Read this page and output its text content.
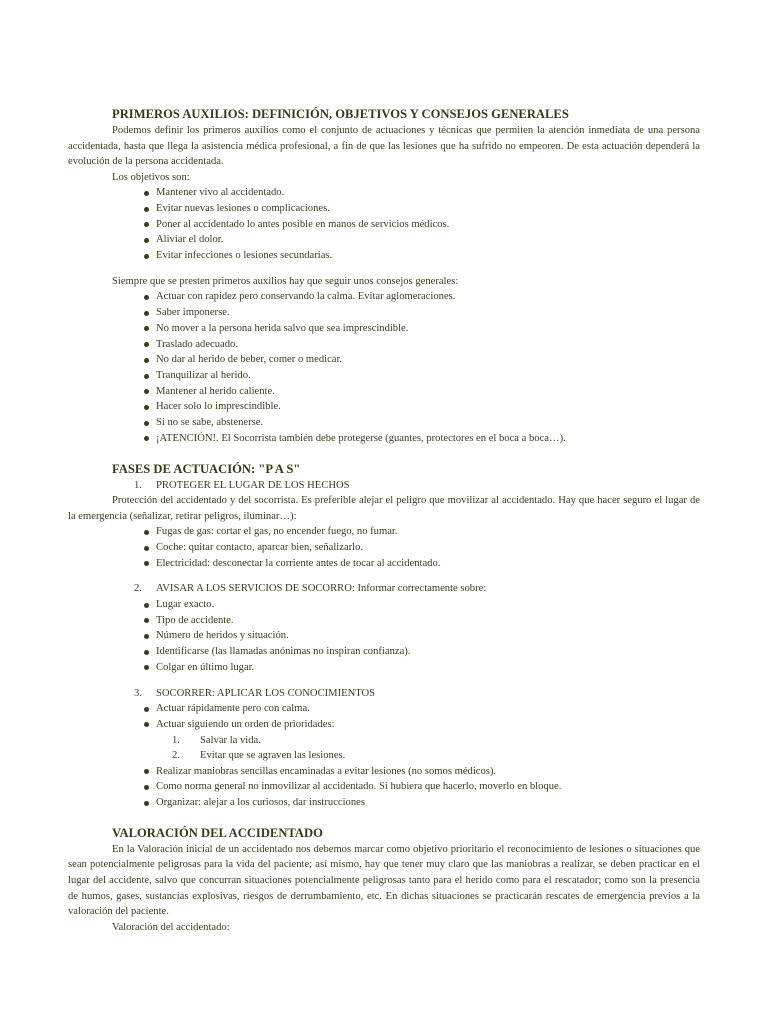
PRIMEROS AUXILIOS: DEFINICIÓN, OBJETIVOS Y CONSEJOS GENERALES

Podemos definir los primeros auxilios como el conjunto de actuaciones y técnicas que permiten la atención inmediata de una persona accidentada, hasta que llega la asistencia médica profesional, a fin de que las lesiones que ha sufrido no empeoren. De esta actuación dependerá la evolución de la persona accidentada.

Los objetivos son:

Mantener vivo al accidentado.
Evitar nuevas lesiones o complicaciones.
Poner al accidentado lo antes posible en manos de servicios médicos.
Aliviar el dolor.
Evitar infecciones o lesiones secundarias.

Siempre que se presten primeros auxilios hay que seguir unos consejos generales:

Actuar con rapidez pero conservando la calma. Evitar aglomeraciones.
Saber imponerse.
No mover a la persona herida salvo que sea imprescindible.
Traslado adecuado.
No dar al herido de beber, comer o medicar.
Tranquilizar al herido.
Mantener al herido caliente.
Hacer solo lo imprescindible.
Si no se sabe, abstenerse.
¡ATENCIÓN!. El Socorrista también debe protegerse (guantes, protectores en el boca a boca…).
FASES DE ACTUACIÓN: "P A S"

1. PROTEGER EL LUGAR DE LOS HECHOS

Protección del accidentado y del socorrista. Es preferible alejar el peligro que movilizar al accidentado. Hay que hacer seguro el lugar de la emergencia (señalizar, retirar peligros, iluminar…):

Fugas de gas: cortar el gas, no encender fuego, no fumar.
Coche: quitar contacto, aparcar bien, señalizarlo.
Electricidad: desconectar la corriente antes de tocar al accidentado.

2. AVISAR A LOS SERVICIOS DE SOCORRO: Informar correctamente sobre:

Lugar exacto.
Tipo de accidente.
Número de heridos y situación.
Identificarse (las llamadas anónimas no inspiran confianza).
Colgar en último lugar.

3. SOCORRER: APLICAR LOS CONOCIMIENTOS

Actuar rápidamente pero con calma.
Actuar siguiendo un orden de prioridades:

1. Salvar la vida.

2. Evitar que se agraven las lesiones.

Realizar maniobras sencillas encaminadas a evitar lesiones (no somos médicos).
Como norma general no inmovilizar al accidentado. Si hubiera que hacerlo, moverlo en bloque.
Organizar: alejar a los curiosos, dar instrucciones
VALORACIÓN DEL ACCIDENTADO

En la Valoración inicial de un accidentado nos debemos marcar como objetivo prioritario el reconocimiento de lesiones o situaciones que sean potencialmente peligrosas para la vida del paciente; así mismo, hay que tener muy claro que las maniobras a realizar, se deben practicar en el lugar del accidente, salvo que concurran situaciones potencialmente peligrosas tanto para el herido como para el rescatador; como son la presencia de humos, gases, sustancias explosivas, riesgos de derrumbamiento, etc. En dichas situaciones se practicarán rescates de emergencia previos a la valoración del paciente.

Valoración del accidentado:
